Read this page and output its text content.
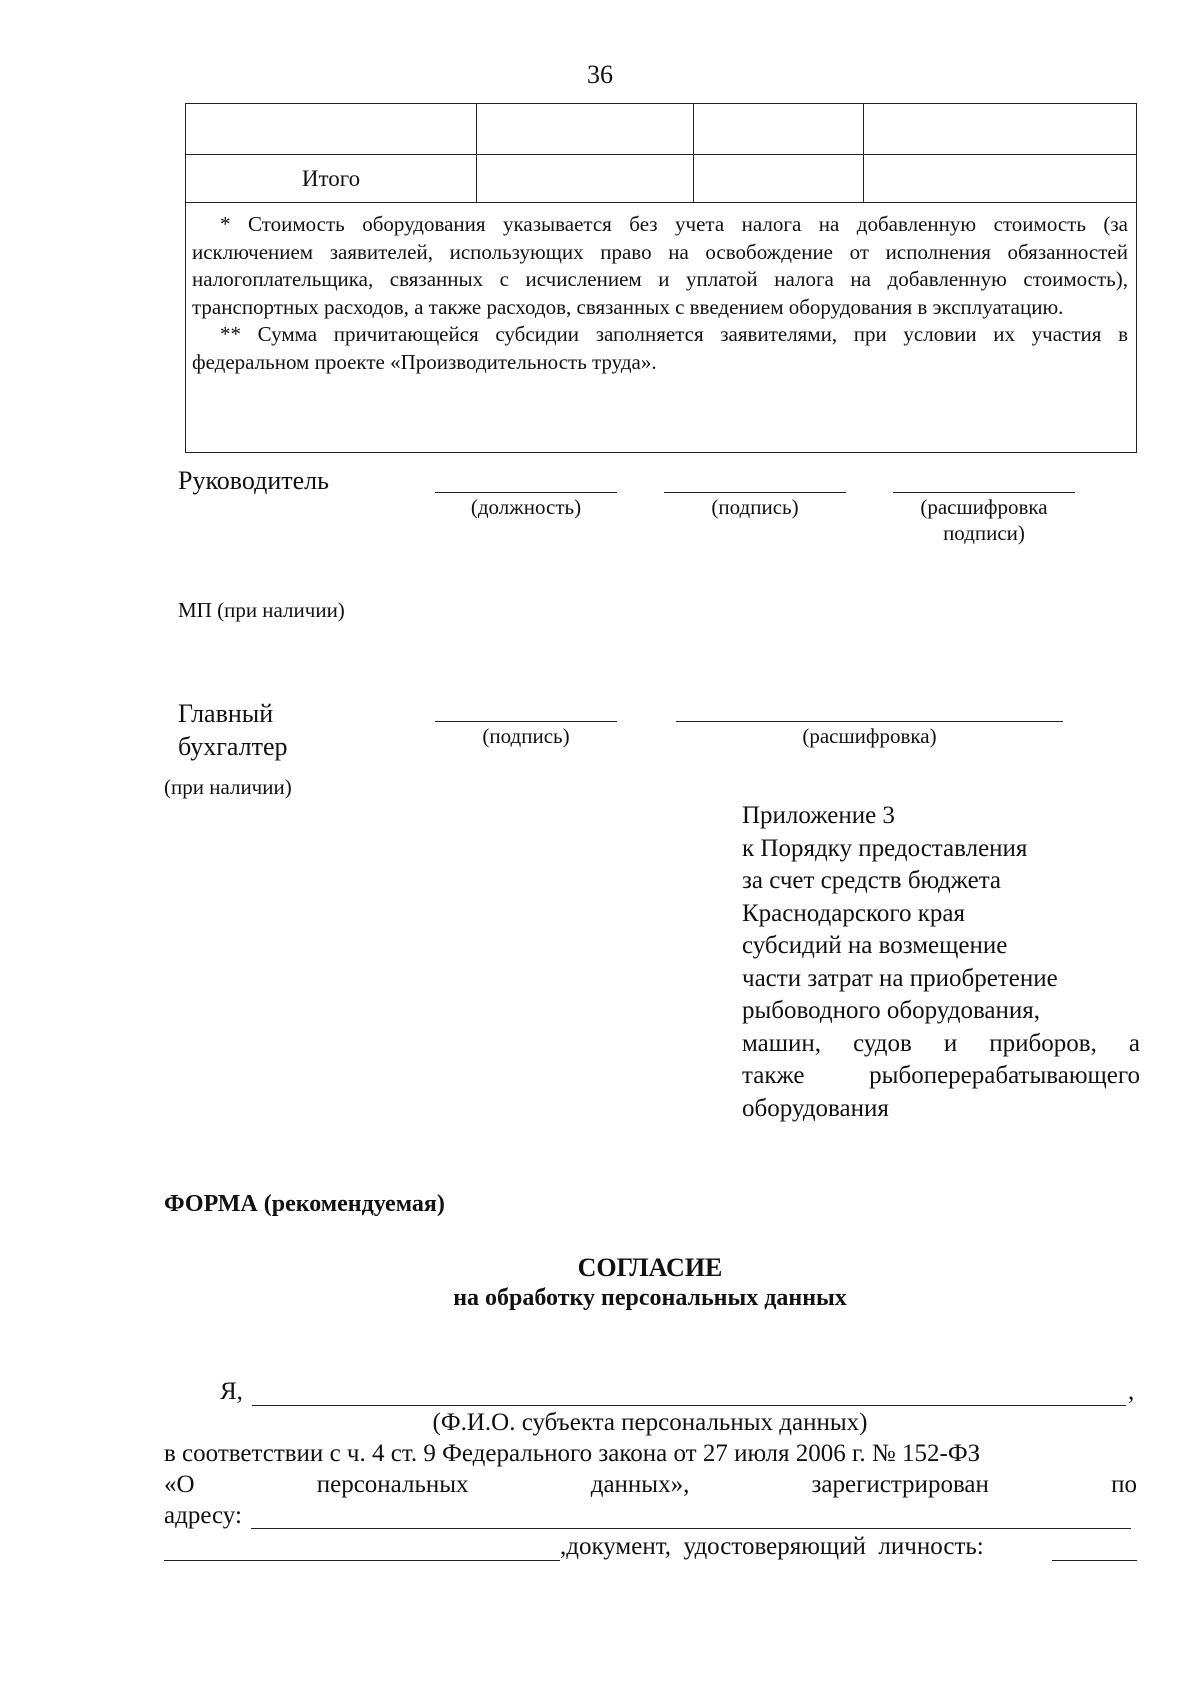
36
Итого

* Стоимость оборудования указывается без учета налога на добавленную стоимость (за исключением заявителей, использующих право на освобождение от исполнения обязанностей налогоплательщика, связанных с исчислением и уплатой налога на добавленную стоимость), транспортных расходов, а также расходов, связанных с введением оборудования в эксплуатацию.

** Сумма причитающейся субсидии заполняется заявителями, при условии их участия в федеральном проекте «Производительность труда».

Руководитель
(должность)	(подпись)	(расшифровка
подписи)
МП (при наличии)
Главный
бухгалтер
(при наличии)
(подпись)	(расшифровка)
Приложение 3
к Порядку предоставления
за счет средств бюджета
Краснодарского края
субсидий на возмещение
части затрат на приобретение
рыбоводного оборудования,
машин, судов и приборов, а
также рыбоперерабатывающего
оборудования
ФОРМА (рекомендуемая)
СОГЛАСИЕ
на обработку персональных данных
Я,	,
(Ф.И.О. субъекта персональных данных)
в соответствии с ч. 4 ст. 9 Федерального закона от 27 июля 2006 г. № 152-ФЗ
«О	персональных	данных»,	зарегистрирован	по
адресу:
,документ,  удостоверяющий  личность:
